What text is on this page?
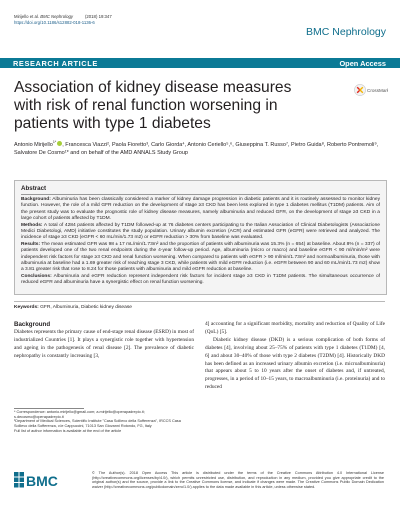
Mirijello et al. BMC Nephrology	(2018) 19:347
https://doi.org/10.1186/s12882-018-1136-6
BMC Nephrology
RESEARCH ARTICLE	Open Access
Association of kidney disease measures with risk of renal function worsening in patients with type 1 diabetes
CrossMark
Antonio Mirijello$^{1*}$ , Francesca Viazzi², Paola Fioretto³, Carlo Giorda⁴, Antonio Ceriello⁵,⁶, Giuseppina T. Russo⁷, Pietro Guida⁸, Roberto Pontremoli⁹, Salvatore De Cosmo¹* and on behalf of the AMD ANNALS Study Group
Abstract

Background: Albuminuria has been classically considered a marker of kidney damage progression in diabetic patients and it is routinely assessed to monitor kidney function. However, the role of a mild GFR reduction on the development of stage ≥3 CKD has been less explored in type 1 diabetes mellitus (T1DM) patients. Aim of the present study was to evaluate the prognostic role of kidney disease measures, namely albuminuria and reduced GFR, on the development of stage ≥3 CKD in a large cohort of patients affected by T1DM.

Methods: A total of 4284 patients affected by T1DM followed-up at 76 diabetes centers participating to the Italian Association of Clinical Diabetologists (Associazione Medici Diabetologi, AMD) initiative constitutes the study population. Urinary albumin excretion (ACR) and estimated GFR (eGFR) were retrieved and analyzed. The incidence of stage ≥3 CKD (eGFR < 60 mL/min/1.73 m2) or eGFR reduction > 30% from baseline was evaluated.

Results: The mean estimated GFR was 98 ± 17 mL/min/1.73m² and the proportion of patients with albuminuria was 15.3% (n = 654) at baseline. About 8% (n = 337) of patients developed one of the two renal endpoints during the 4-year follow-up period. Age, albuminuria (micro or macro) and baseline eGFR < 90 ml/min/m² were independent risk factors for stage ≥3 CKD and renal function worsening. When compared to patients with eGFR > 90 ml/min/1.73m² and normoalbuminuria, those with albuminuria at baseline had a 1.69 greater risk of reaching stage 3 CKD, while patients with mild eGFR reduction (i.e. eGFR between 90 and 60 mL/min/1.73 m2) show a 3.81 greater risk that rose to 8.24 for those patients with albuminuria and mild eGFR reduction at baseline.

Conclusions: Albuminuria and eGFR reduction represent independent risk factors for incident stage ≥3 CKD in T1DM patients. The simultaneous occurrence of reduced eGFR and albuminuria have a synergistic effect on renal function worsening.

Keywords: GFR, Albuminuria, Diabetic kidney disease
Background

Diabetes represents the primary cause of end-stage renal disease (ESRD) in most of industrialized Countries [1]. It plays a synergistic role together with hypertension and ageing in the pathogenesis of renal disease [2]. The prevalence of diabetic nephropathy is constantly increasing [3,

4] accounting for a significant morbidity, mortality and reduction of Quality of Life (QoL) [5].

Diabetic kidney disease (DKD) is a serious complication of both forms of diabetes [4], involving about 25–75% of patients with type 1 diabetes (T1DM) [4, 6] and about 30–40% of those with type 2 diabetes (T2DM) [4]. Historically DKD has been defined as an increased urinary albumin excretion (i.e. microalbuminuria) that appears about 5 to 10 years after the onset of diabetes and, if untreated, progresses, in a period of 10–15 years, to macroalbuminuria (i.e. proteinuria) and to reduced

* Correspondence: antonio.mirijello@gmail.com; a.mirijello@operapadrepio.it; s.decosmo@operapadrepio.it
¹Department of Medical Sciences, Scientific Institute "Casa Sollievo della Sofferenza", IRCCS Casa Sollievo della Sofferenza, v.le Cappuccini, 71013 San Giovanni Rotondo, FG, Italy
Full list of author information is available at the end of the article
BMC	© The Author(s). 2018 Open Access This article is distributed under the terms of the Creative Commons Attribution 4.0 International License (http://creativecommons.org/licenses/by/4.0/), which permits unrestricted use, distribution, and reproduction in any medium, provided you give appropriate credit to the original author(s) and the source, provide a link to the Creative Commons license, and indicate if changes were made. The Creative Commons Public Domain Dedication waiver (http://creativecommons.org/publicdomain/zero/1.0/) applies to the data made available in this article, unless otherwise stated.
